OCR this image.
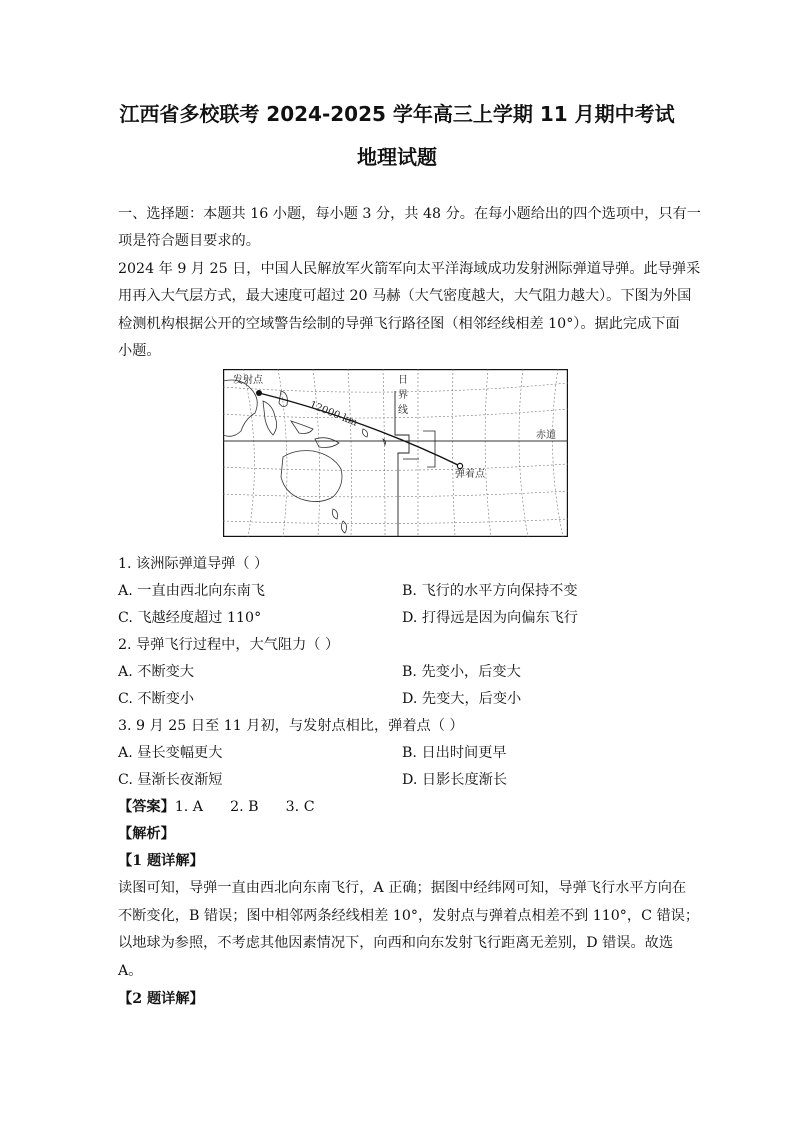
江西省多校联考 2024-2025 学年高三上学期 11 月期中考试
地理试题
一、选择题：本题共 16 小题，每小题 3 分，共 48 分。在每小题给出的四个选项中，只有一
项是符合题目要求的。
2024 年 9 月 25 日，中国人民解放军火箭军向太平洋海域成功发射洲际弹道导弹。此导弹采
用再入大气层方式，最大速度可超过 20 马赫（大气密度越大，大气阻力越大）。下图为外国
检测机构根据公开的空域警告绘制的导弹飞行路径图（相邻经线相差 10°）。据此完成下面
小题。
发射点
弹着点
12000 km
日
界
线
赤道
1. 该洲际弹道导弹（ ）
A. 一直由西北向东南飞	B. 飞行的水平方向保持不变
C. 飞越经度超过 110°	D. 打得远是因为向偏东飞行
2. 导弹飞行过程中，大气阻力（ ）
A. 不断变大	B. 先变小，后变大
C. 不断变小	D. 先变大，后变小
3. 9 月 25 日至 11 月初，与发射点相比，弹着点（ ）
A. 昼长变幅更大	B. 日出时间更早
C. 昼渐长夜渐短	D. 日影长度渐长
【答案】1. A      2. B      3. C
【解析】
【1 题详解】
读图可知，导弹一直由西北向东南飞行，A 正确；据图中经纬网可知，导弹飞行水平方向在
不断变化，B 错误；图中相邻两条经线相差 10°，发射点与弹着点相差不到 110°，C 错误；
以地球为参照，不考虑其他因素情况下，向西和向东发射飞行距离无差别，D 错误。故选
A。
【2 题详解】
